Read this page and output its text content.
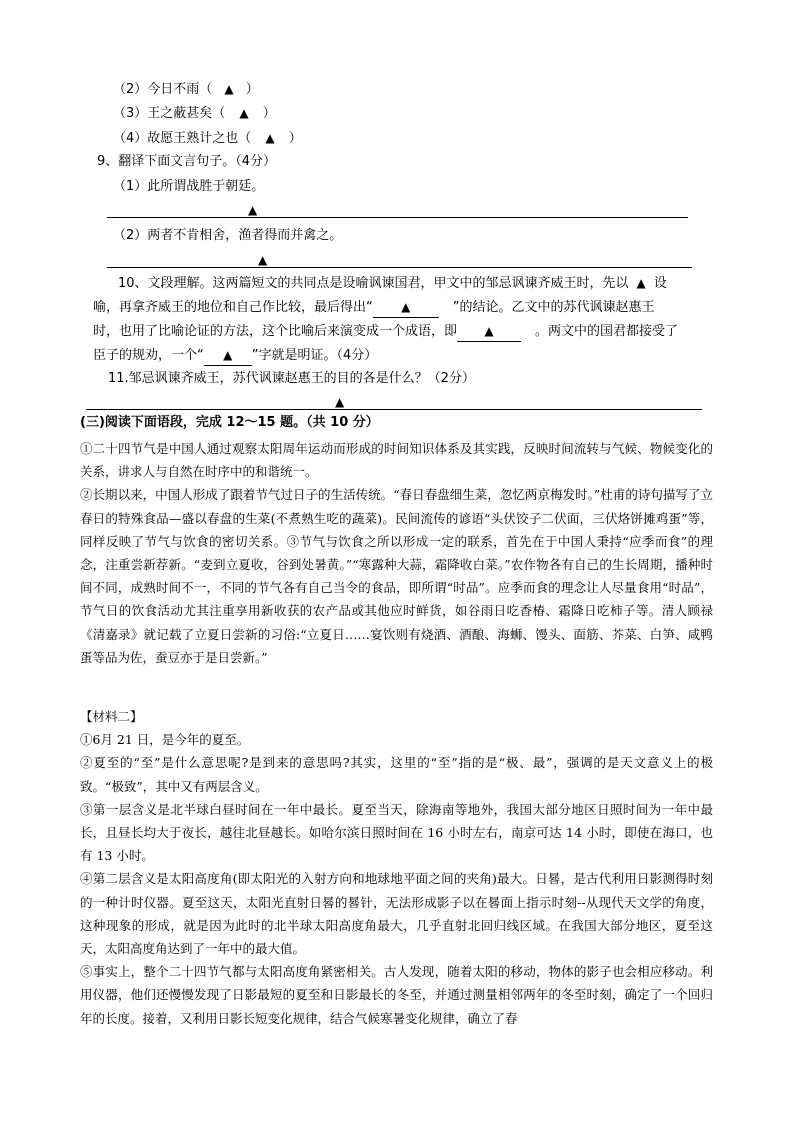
（2）今日不雨（ ▲ ）
（3）王之蔽甚矣（ ▲ ）
（4）故愿王熟计之也（ ▲ ）
9、翻译下面文言句子。（4分）
（1）此所谓战胜于朝廷。
▲
（2）两者不肯相舍，渔者得而并禽之。
▲
10、文段理解。这两篇短文的共同点是设喻讽谏国君，甲文中的邹忌讽谏齐威王时，先以 ▲ 设
喻，再拿齐威王的地位和自己作比较，最后得出“ ▲	”的结论。乙文中的苏代讽谏赵惠王
时，也用了比喻论证的方法，这个比喻后来演变成一个成语，即 ▲	。两文中的国君都接受了
臣子的规劝，一个“ ▲ ”字就是明证。（4分）
11.邹忌讽谏齐威王，苏代讽谏赵惠王的目的各是什么？（2分）
▲
(三)阅读下面语段，完成 12～15 题。（共 10 分）

①二十四节气是中国人通过观察太阳周年运动而形成的时间知识体系及其实践，反映时间流转与气候、物候变化的关系，讲求人与自然在时序中的和谐统一。

②长期以来，中国人形成了跟着节气过日子的生活传统。“春日春盘细生菜，忽忆两京梅发时。”杜甫的诗句描写了立春日的特殊食品—盛以春盘的生菜(不煮熟生吃的蔬菜)。民间流传的谚语“头伏饺子二伏面，三伏烙饼摊鸡蛋”等，同样反映了节气与饮食的密切关系。③节气与饮食之所以形成一定的联系，首先在于中国人秉持“应季而食”的理念，注重尝新荐新。“麦到立夏收，谷到处暑黄。”“寒露种大蒜，霜降收白菜。”农作物各有自己的生长周期，播种时间不同，成熟时间不一，不同的节气各有自己当令的食品，即所谓“时品”。应季而食的理念让人尽量食用“时品”，节气日的饮食活动尤其注重享用新收获的农产品或其他应时鲜货，如谷雨日吃香椿、霜降日吃柿子等。清人顾禄《清嘉录》就记载了立夏日尝新的习俗:“立夏日……宴饮则有烧酒、酒酿、海蛳、馒头、面筋、芥菜、白笋、咸鸭蛋等品为佐，蚕豆亦于是日尝新。”

【材料二】

①6月 21 日，是今年的夏至。

②夏至的“至”是什么意思呢?是到来的意思吗?其实，这里的“至”指的是“极、最”，强调的是天文意义上的极致。“极致”，其中又有两层含义。

③第一层含义是北半球白昼时间在一年中最长。夏至当天，除海南等地外，我国大部分地区日照时间为一年中最长，且昼长均大于夜长，越往北昼越长。如哈尔滨日照时间在 16 小时左右，南京可达 14 小时，即使在海口，也有 13 小时。

④第二层含义是太阳高度角(即太阳光的入射方向和地球地平面之间的夹角)最大。日晷，是古代利用日影测得时刻的一种计时仪器。夏至这天，太阳光直射日晷的晷针，无法形成影子以在晷面上指示时刻--从现代天文学的角度，这种现象的形成，就是因为此时的北半球太阳高度角最大，几乎直射北回归线区域。在我国大部分地区，夏至这天，太阳高度角达到了一年中的最大值。

⑤事实上，整个二十四节气都与太阳高度角紧密相关。古人发现，随着太阳的移动，物体的影子也会相应移动。利用仪器，他们还慢慢发现了日影最短的夏至和日影最长的冬至，并通过测量相邻两年的冬至时刻，确定了一个回归年的长度。接着，又利用日影长短变化规律，结合气候寒暑变化规律，确立了春
